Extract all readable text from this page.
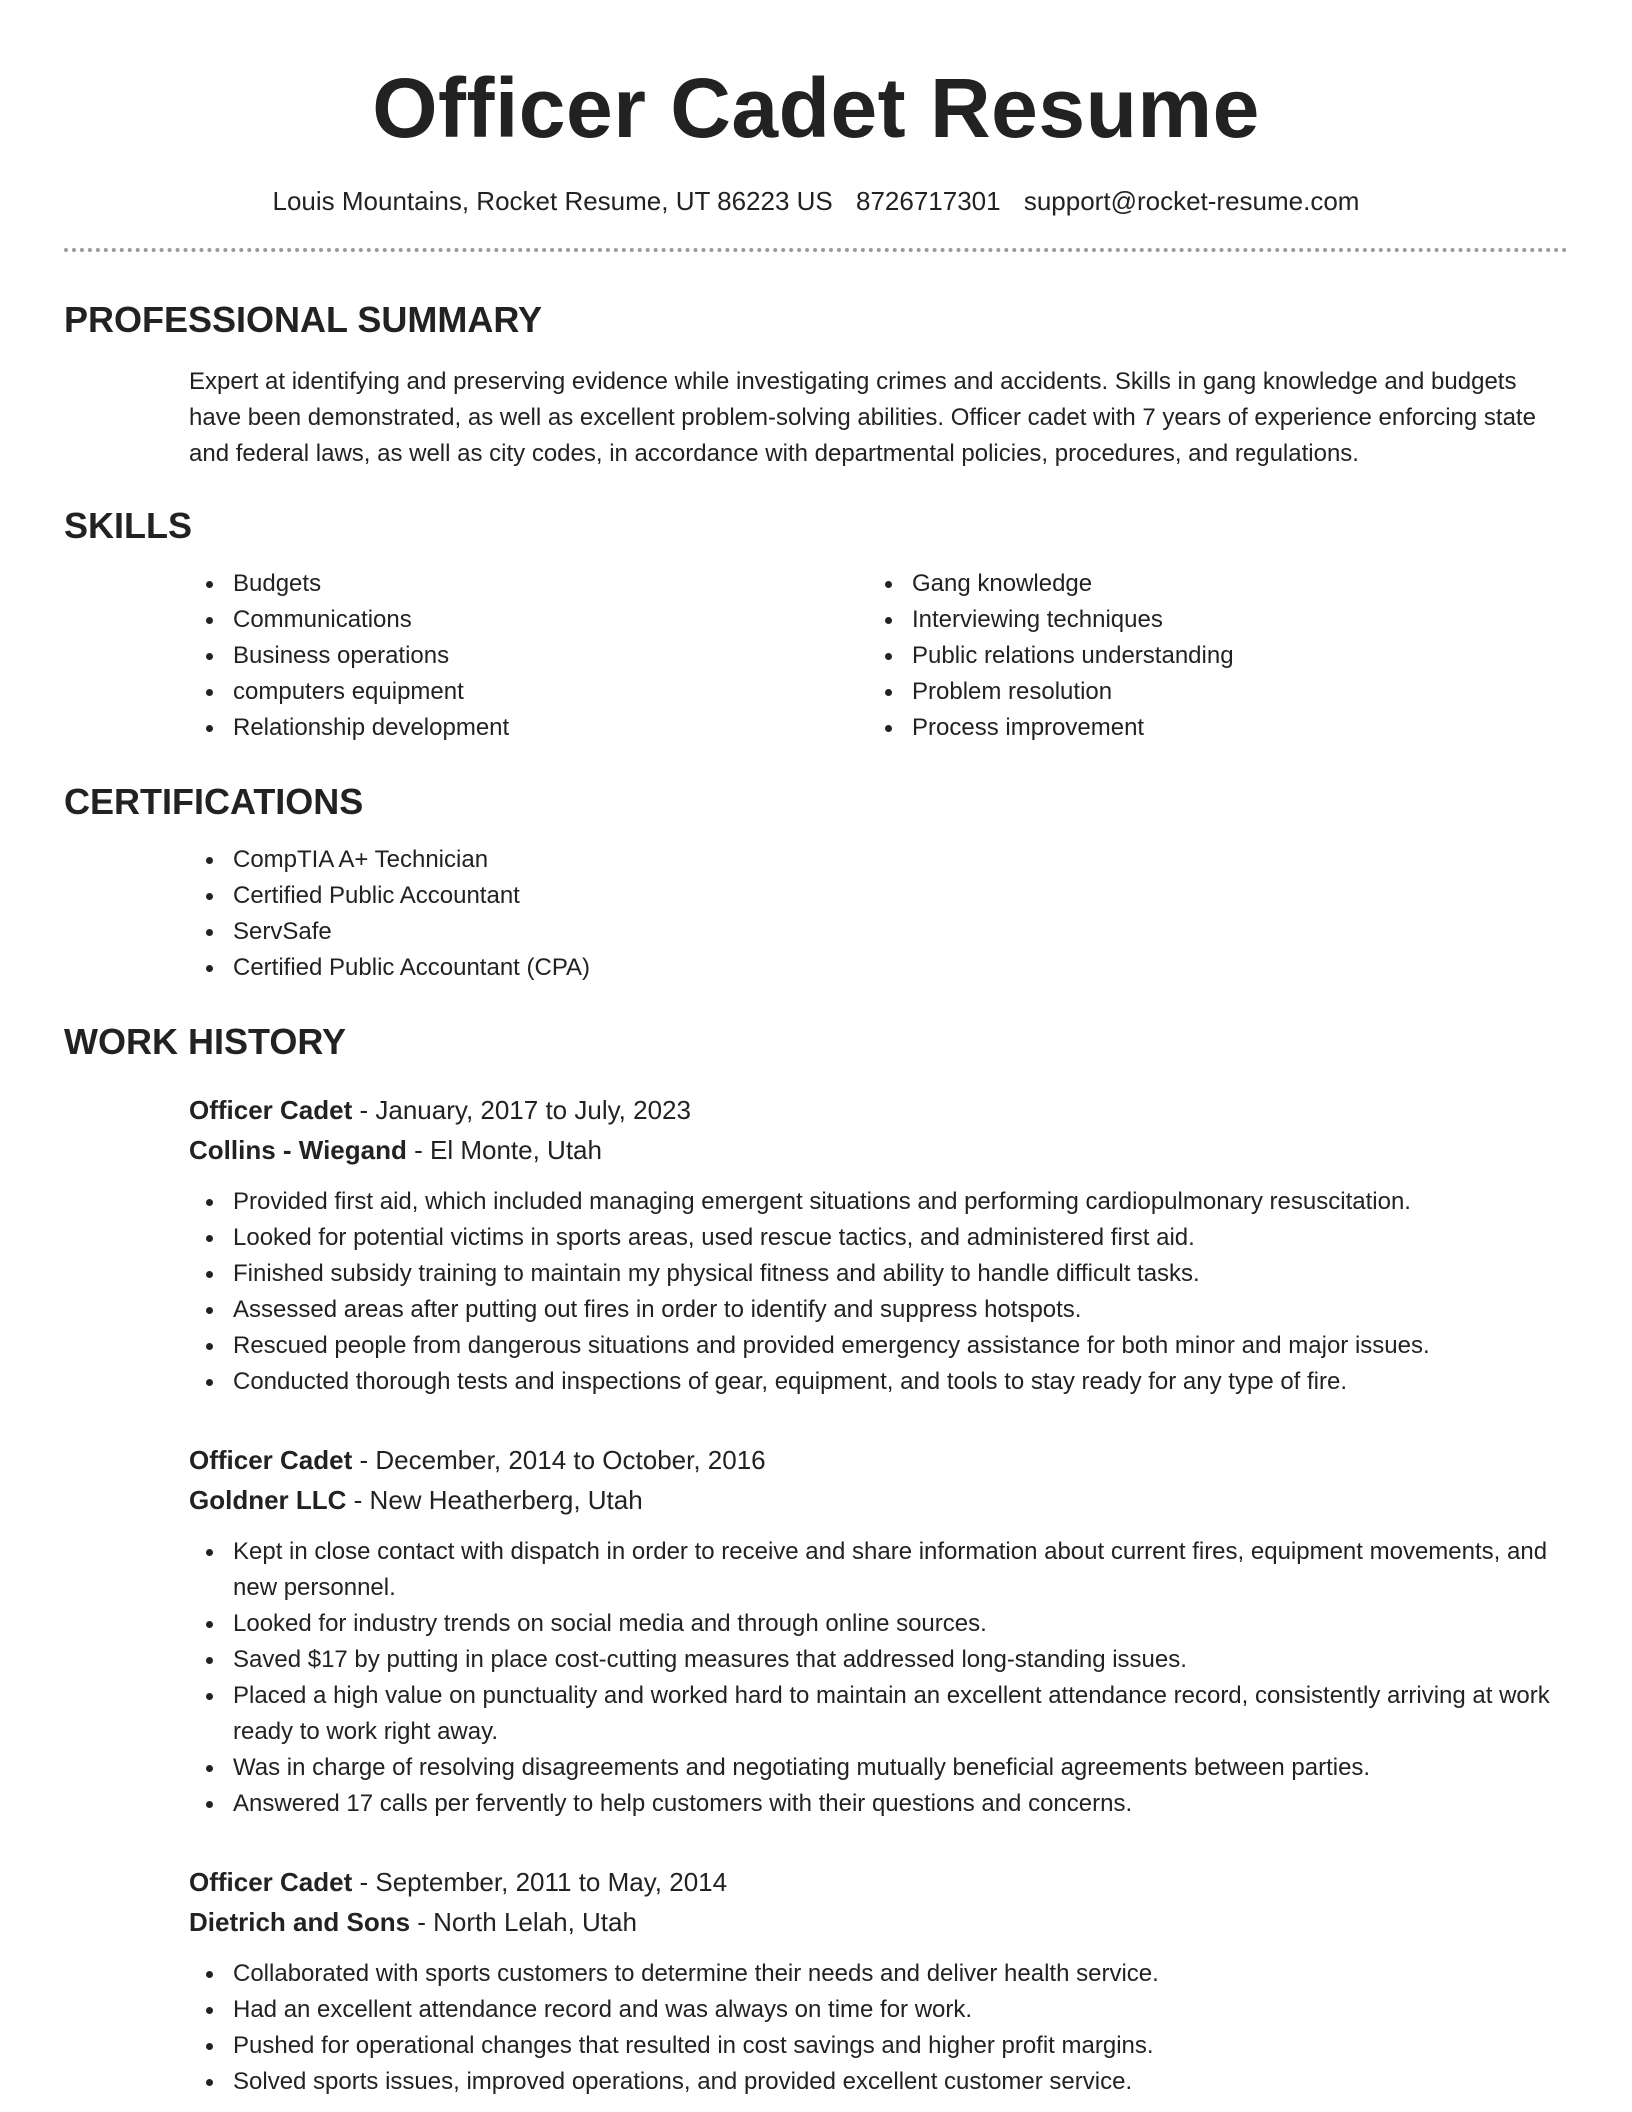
Officer Cadet Resume
Louis Mountains, Rocket Resume, UT 86223 US 8726717301 support@rocket-resume.com
PROFESSIONAL SUMMARY

Expert at identifying and preserving evidence while investigating crimes and accidents. Skills in gang knowledge and budgets have been demonstrated, as well as excellent problem-solving abilities. Officer cadet with 7 years of experience enforcing state and federal laws, as well as city codes, in accordance with departmental policies, procedures, and regulations.

SKILLS
Budgets
Communications
Business operations
computers equipment
Relationship development
Gang knowledge
Interviewing techniques
Public relations understanding
Problem resolution
Process improvement
CERTIFICATIONS
CompTIA A+ Technician
Certified Public Accountant
ServSafe
Certified Public Accountant (CPA)
WORK HISTORY
Officer Cadet - January, 2017 to July, 2023
Collins - Wiegand - El Monte, Utah
Provided first aid, which included managing emergent situations and performing cardiopulmonary resuscitation.
Looked for potential victims in sports areas, used rescue tactics, and administered first aid.
Finished subsidy training to maintain my physical fitness and ability to handle difficult tasks.
Assessed areas after putting out fires in order to identify and suppress hotspots.
Rescued people from dangerous situations and provided emergency assistance for both minor and major issues.
Conducted thorough tests and inspections of gear, equipment, and tools to stay ready for any type of fire.
Officer Cadet - December, 2014 to October, 2016
Goldner LLC - New Heatherberg, Utah
Kept in close contact with dispatch in order to receive and share information about current fires, equipment movements, and new personnel.
Looked for industry trends on social media and through online sources.
Saved $17 by putting in place cost-cutting measures that addressed long-standing issues.
Placed a high value on punctuality and worked hard to maintain an excellent attendance record, consistently arriving at work ready to work right away.
Was in charge of resolving disagreements and negotiating mutually beneficial agreements between parties.
Answered 17 calls per fervently to help customers with their questions and concerns.
Officer Cadet - September, 2011 to May, 2014
Dietrich and Sons - North Lelah, Utah
Collaborated with sports customers to determine their needs and deliver health service.
Had an excellent attendance record and was always on time for work.
Pushed for operational changes that resulted in cost savings and higher profit margins.
Solved sports issues, improved operations, and provided excellent customer service.
